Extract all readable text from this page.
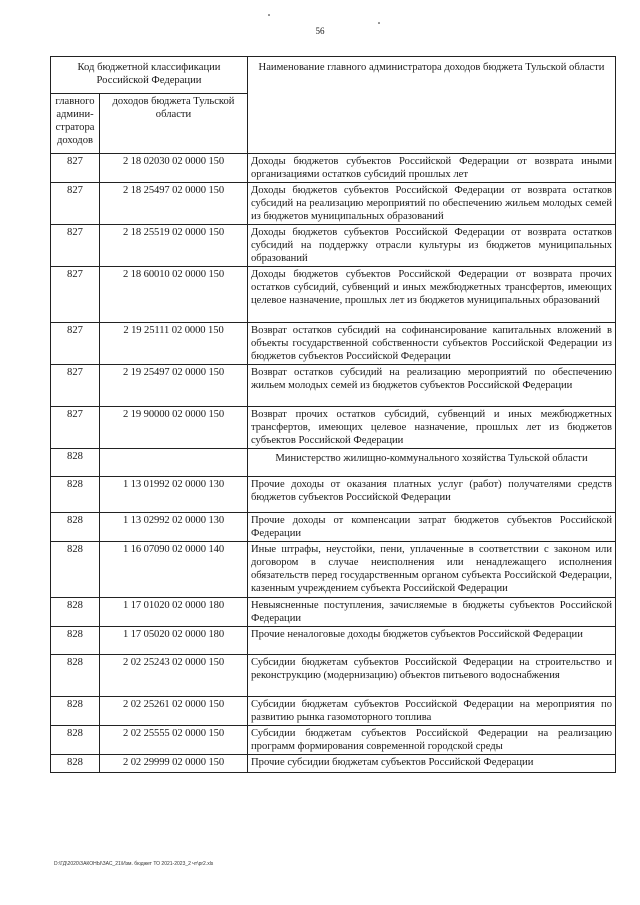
56
Код бюджетной классификации Российской Федерации		Наименование главного администратора доходов бюджета Тульской области
главного админи-стратора доходов	доходов бюджета Тульской области	
827	2 18 02030 02 0000 150	Доходы бюджетов субъектов Российской Федерации от возврата иными организациями остатков субсидий прошлых лет
827	2 18 25497 02 0000 150	Доходы бюджетов субъектов Российской Федерации от возврата остатков субсидий на реализацию мероприятий по обеспечению жильем молодых семей из бюджетов муниципальных образований
827	2 18 25519 02 0000 150	Доходы бюджетов субъектов Российской Федерации от возврата остатков субсидий на поддержку отрасли культуры из бюджетов муниципальных образований
827	2 18 60010 02 0000 150	Доходы бюджетов субъектов Российской Федерации от возврата прочих остатков субсидий, субвенций и иных межбюджетных трансфертов, имеющих целевое назначение, прошлых лет из бюджетов муниципальных образований
827	2 19 25111 02 0000 150	Возврат остатков субсидий на софинансирование капитальных вложений в объекты государственной собственности субъектов Российской Федерации из бюджетов субъектов Российской Федерации
827	2 19 25497 02 0000 150	Возврат остатков субсидий на реализацию мероприятий по обеспечению жильем молодых семей из бюджетов субъектов Российской Федерации
827	2 19 90000 02 0000 150	Возврат прочих остатков субсидий, субвенций и иных межбюджетных трансфертов, имеющих целевое назначение, прошлых лет из бюджетов субъектов Российской Федерации
828		Министерство жилищно-коммунального хозяйства Тульской области
828	1 13 01992 02 0000 130	Прочие доходы от оказания платных услуг (работ) получателями средств бюджетов субъектов Российской Федерации
828	1 13 02992 02 0000 130	Прочие доходы от компенсации затрат бюджетов субъектов Российской Федерации
828	1 16 07090 02 0000 140	Иные штрафы, неустойки, пени, уплаченные в соответствии с законом или договором в случае неисполнения или ненадлежащего исполнения обязательств перед государственным органом субъекта Российской Федерации, казенным учреждением субъекта Российской Федерации
828	1 17 01020 02 0000 180	Невыясненные поступления, зачисляемые в бюджеты субъектов Российской Федерации
828	1 17 05020 02 0000 180	Прочие неналоговые доходы бюджетов субъектов Российской Федерации
828	2 02 25243 02 0000 150	Субсидии бюджетам субъектов Российской Федерации на строительство и реконструкцию (модернизацию) объектов питьевого водоснабжения
828	2 02 25261 02 0000 150	Субсидии бюджетам субъектов Российской Федерации на мероприятия по развитию рынка газомоторного топлива
828	2 02 25555 02 0000 150	Субсидии бюджетам субъектов Российской Федерации на реализацию программ формирования современной городской среды
828	2 02 29999 02 0000 150	Прочие субсидии бюджетам субъектов Российской Федерации
D:\ГД\2020\ЗАКОНЫ\ЗАС_21\Изм. бюджет ТО 2021-2023_2 чт\pr2.xls
